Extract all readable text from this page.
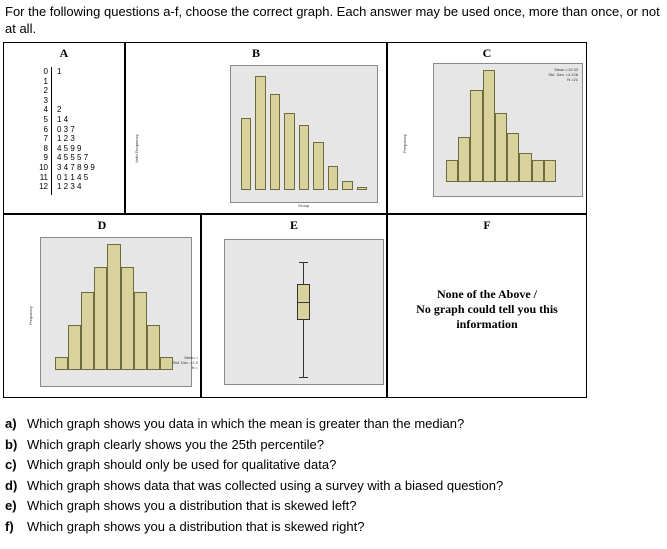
For the following questions a-f, choose the correct graph. Each answer may be used once, more than once, or not at all.
A
0
1
2
3
4
5
6
7
8
9
10
11
12
1

2
1 4
0 3 7
1 2 3
4 5 9 9
4 5 5 5 7
3 4 7 8 9 9
0 1 1 4 5
1 2 3 4
B
Valid Frequency
Group
C
Frequency
Mean =10.33
Std. Dev. =4.128
N =21
D
Frequency
Mean =
Std. Dev. =2.2
N =
E	F
None of the Above /
No graph could tell you this
information
a) Which graph shows you data in which the mean is greater than the median?
b) Which graph clearly shows you the 25th percentile?
c) Which graph should only be used for qualitative data?
d) Which graph shows data that was collected using a survey with a biased question?
e) Which graph shows you a distribution that is skewed left?
f) Which graph shows you a distribution that is skewed right?
